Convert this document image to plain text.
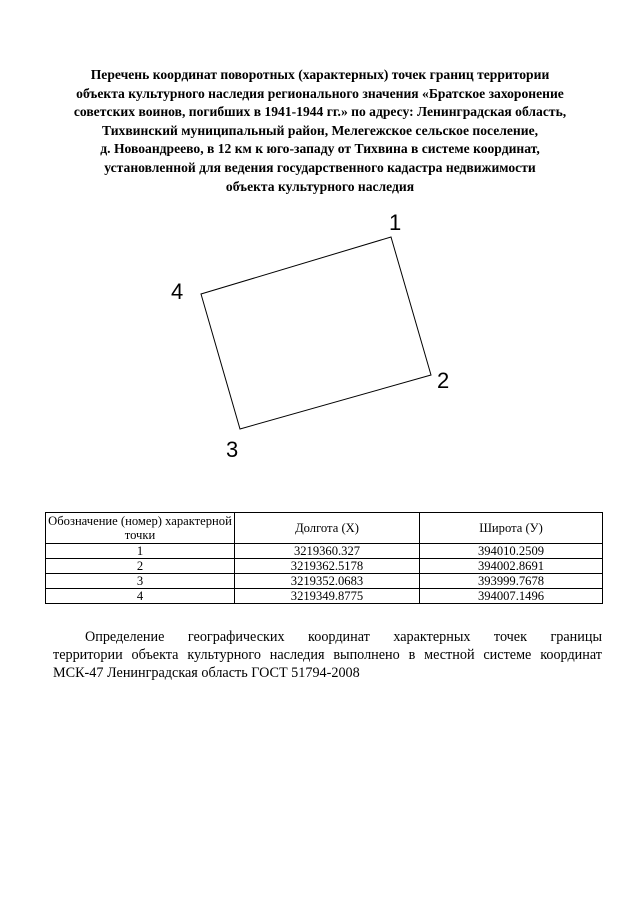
Перечень координат поворотных (характерных) точек границ территории
объекта культурного наследия регионального значения «Братское захоронение
советских воинов, погибших в 1941-1944 гг.» по адресу: Ленинградская область,
Тихвинский муниципальный район, Мелегежское сельское поселение,
д. Новоандреево, в 12 км к юго-западу от Тихвина в системе координат,
установленной для ведения государственного кадастра недвижимости
объекта культурного наследия
1
2
3
4
Обозначение (номер) характерной точки	Долгота (X)	Широта (У)
1	3219360.327	394010.2509
2	3219362.5178	394002.8691
3	3219352.0683	393999.7678
4	3219349.8775	394007.1496

Определение географических координат характерных точек границы

территории объекта культурного наследия выполнено в местной системе координат МСК-47 Ленинградская область ГОСТ 51794-2008
